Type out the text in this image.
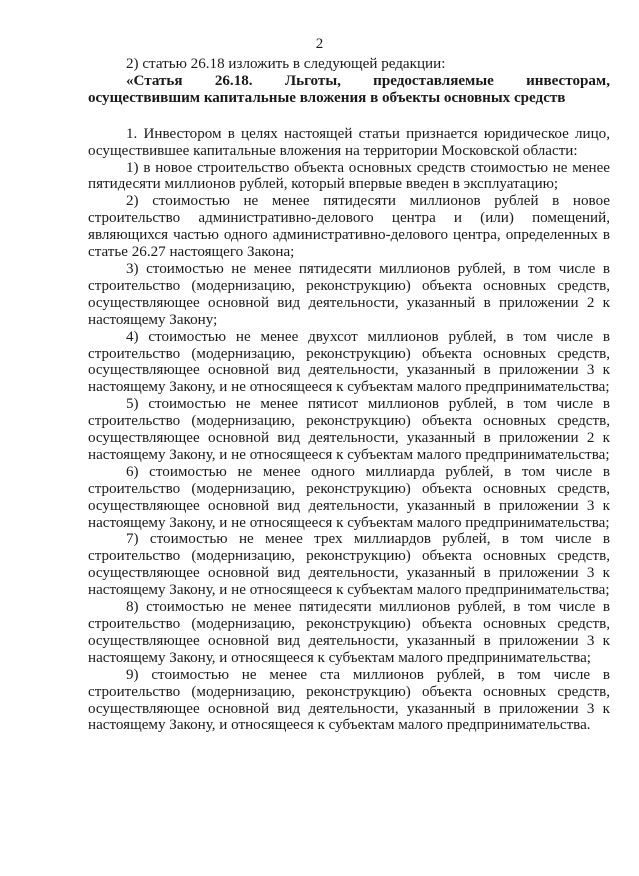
2

2) статью 26.18 изложить в следующей редакции:

«Статья 26.18. Льготы, предоставляемые инвесторам, осуществившим капитальные вложения в объекты основных средств

1. Инвестором в целях настоящей статьи признается юридическое лицо, осуществившее капитальные вложения на территории Московской области:

1) в новое строительство объекта основных средств стоимостью не менее пятидесяти миллионов рублей, который впервые введен в эксплуатацию;

2) стоимостью не менее пятидесяти миллионов рублей в новое строительство административно-делового центра и (или) помещений, являющихся частью одного административно-делового центра, определенных в статье 26.27 настоящего Закона;

3) стоимостью не менее пятидесяти миллионов рублей, в том числе в строительство (модернизацию, реконструкцию) объекта основных средств, осуществляющее основной вид деятельности, указанный в приложении 2 к настоящему Закону;

4) стоимостью не менее двухсот миллионов рублей, в том числе в строительство (модернизацию, реконструкцию) объекта основных средств, осуществляющее основной вид деятельности, указанный в приложении 3 к настоящему Закону, и не относящееся к субъектам малого предпринимательства;

5) стоимостью не менее пятисот миллионов рублей, в том числе в строительство (модернизацию, реконструкцию) объекта основных средств, осуществляющее основной вид деятельности, указанный в приложении 2 к настоящему Закону, и не относящееся к субъектам малого предпринимательства;

6) стоимостью не менее одного миллиарда рублей, в том числе в строительство (модернизацию, реконструкцию) объекта основных средств, осуществляющее основной вид деятельности, указанный в приложении 3 к настоящему Закону, и не относящееся к субъектам малого предпринимательства;

7) стоимостью не менее трех миллиардов рублей, в том числе в строительство (модернизацию, реконструкцию) объекта основных средств, осуществляющее основной вид деятельности, указанный в приложении 3 к настоящему Закону, и не относящееся к субъектам малого предпринимательства;

8) стоимостью не менее пятидесяти миллионов рублей, в том числе в строительство (модернизацию, реконструкцию) объекта основных средств, осуществляющее основной вид деятельности, указанный в приложении 3 к настоящему Закону, и относящееся к субъектам малого предпринимательства;

9) стоимостью не менее ста миллионов рублей, в том числе в строительство (модернизацию, реконструкцию) объекта основных средств, осуществляющее основной вид деятельности, указанный в приложении 3 к настоящему Закону, и относящееся к субъектам малого предпринимательства.
